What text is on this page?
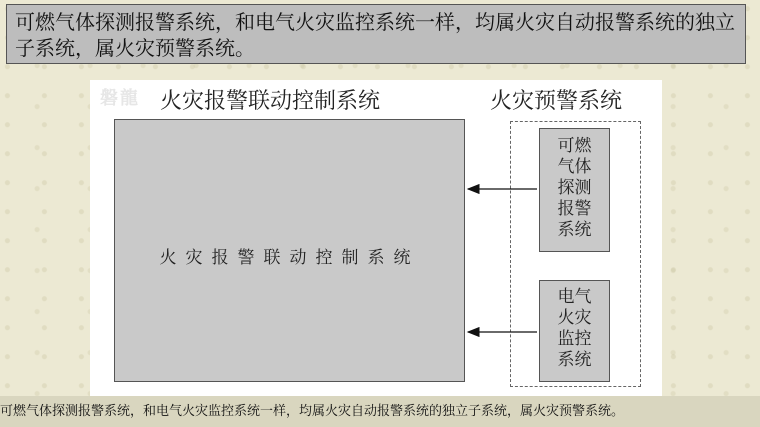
可燃气体探测报警系统，和电气火灾监控系统一样，均属火灾自动报警系统的独立子系统，属火灾预警系统。
磐龍 火灾报警联动控制系统	火灾预警系统
火灾报警联动控制系统
可燃
气体
探测
报警
系统
电气
火灾
监控
系统
可燃气体探测报警系统，和电气火灾监控系统一样，均属火灾自动报警系统的独立子系统，属火灾预警系统。
